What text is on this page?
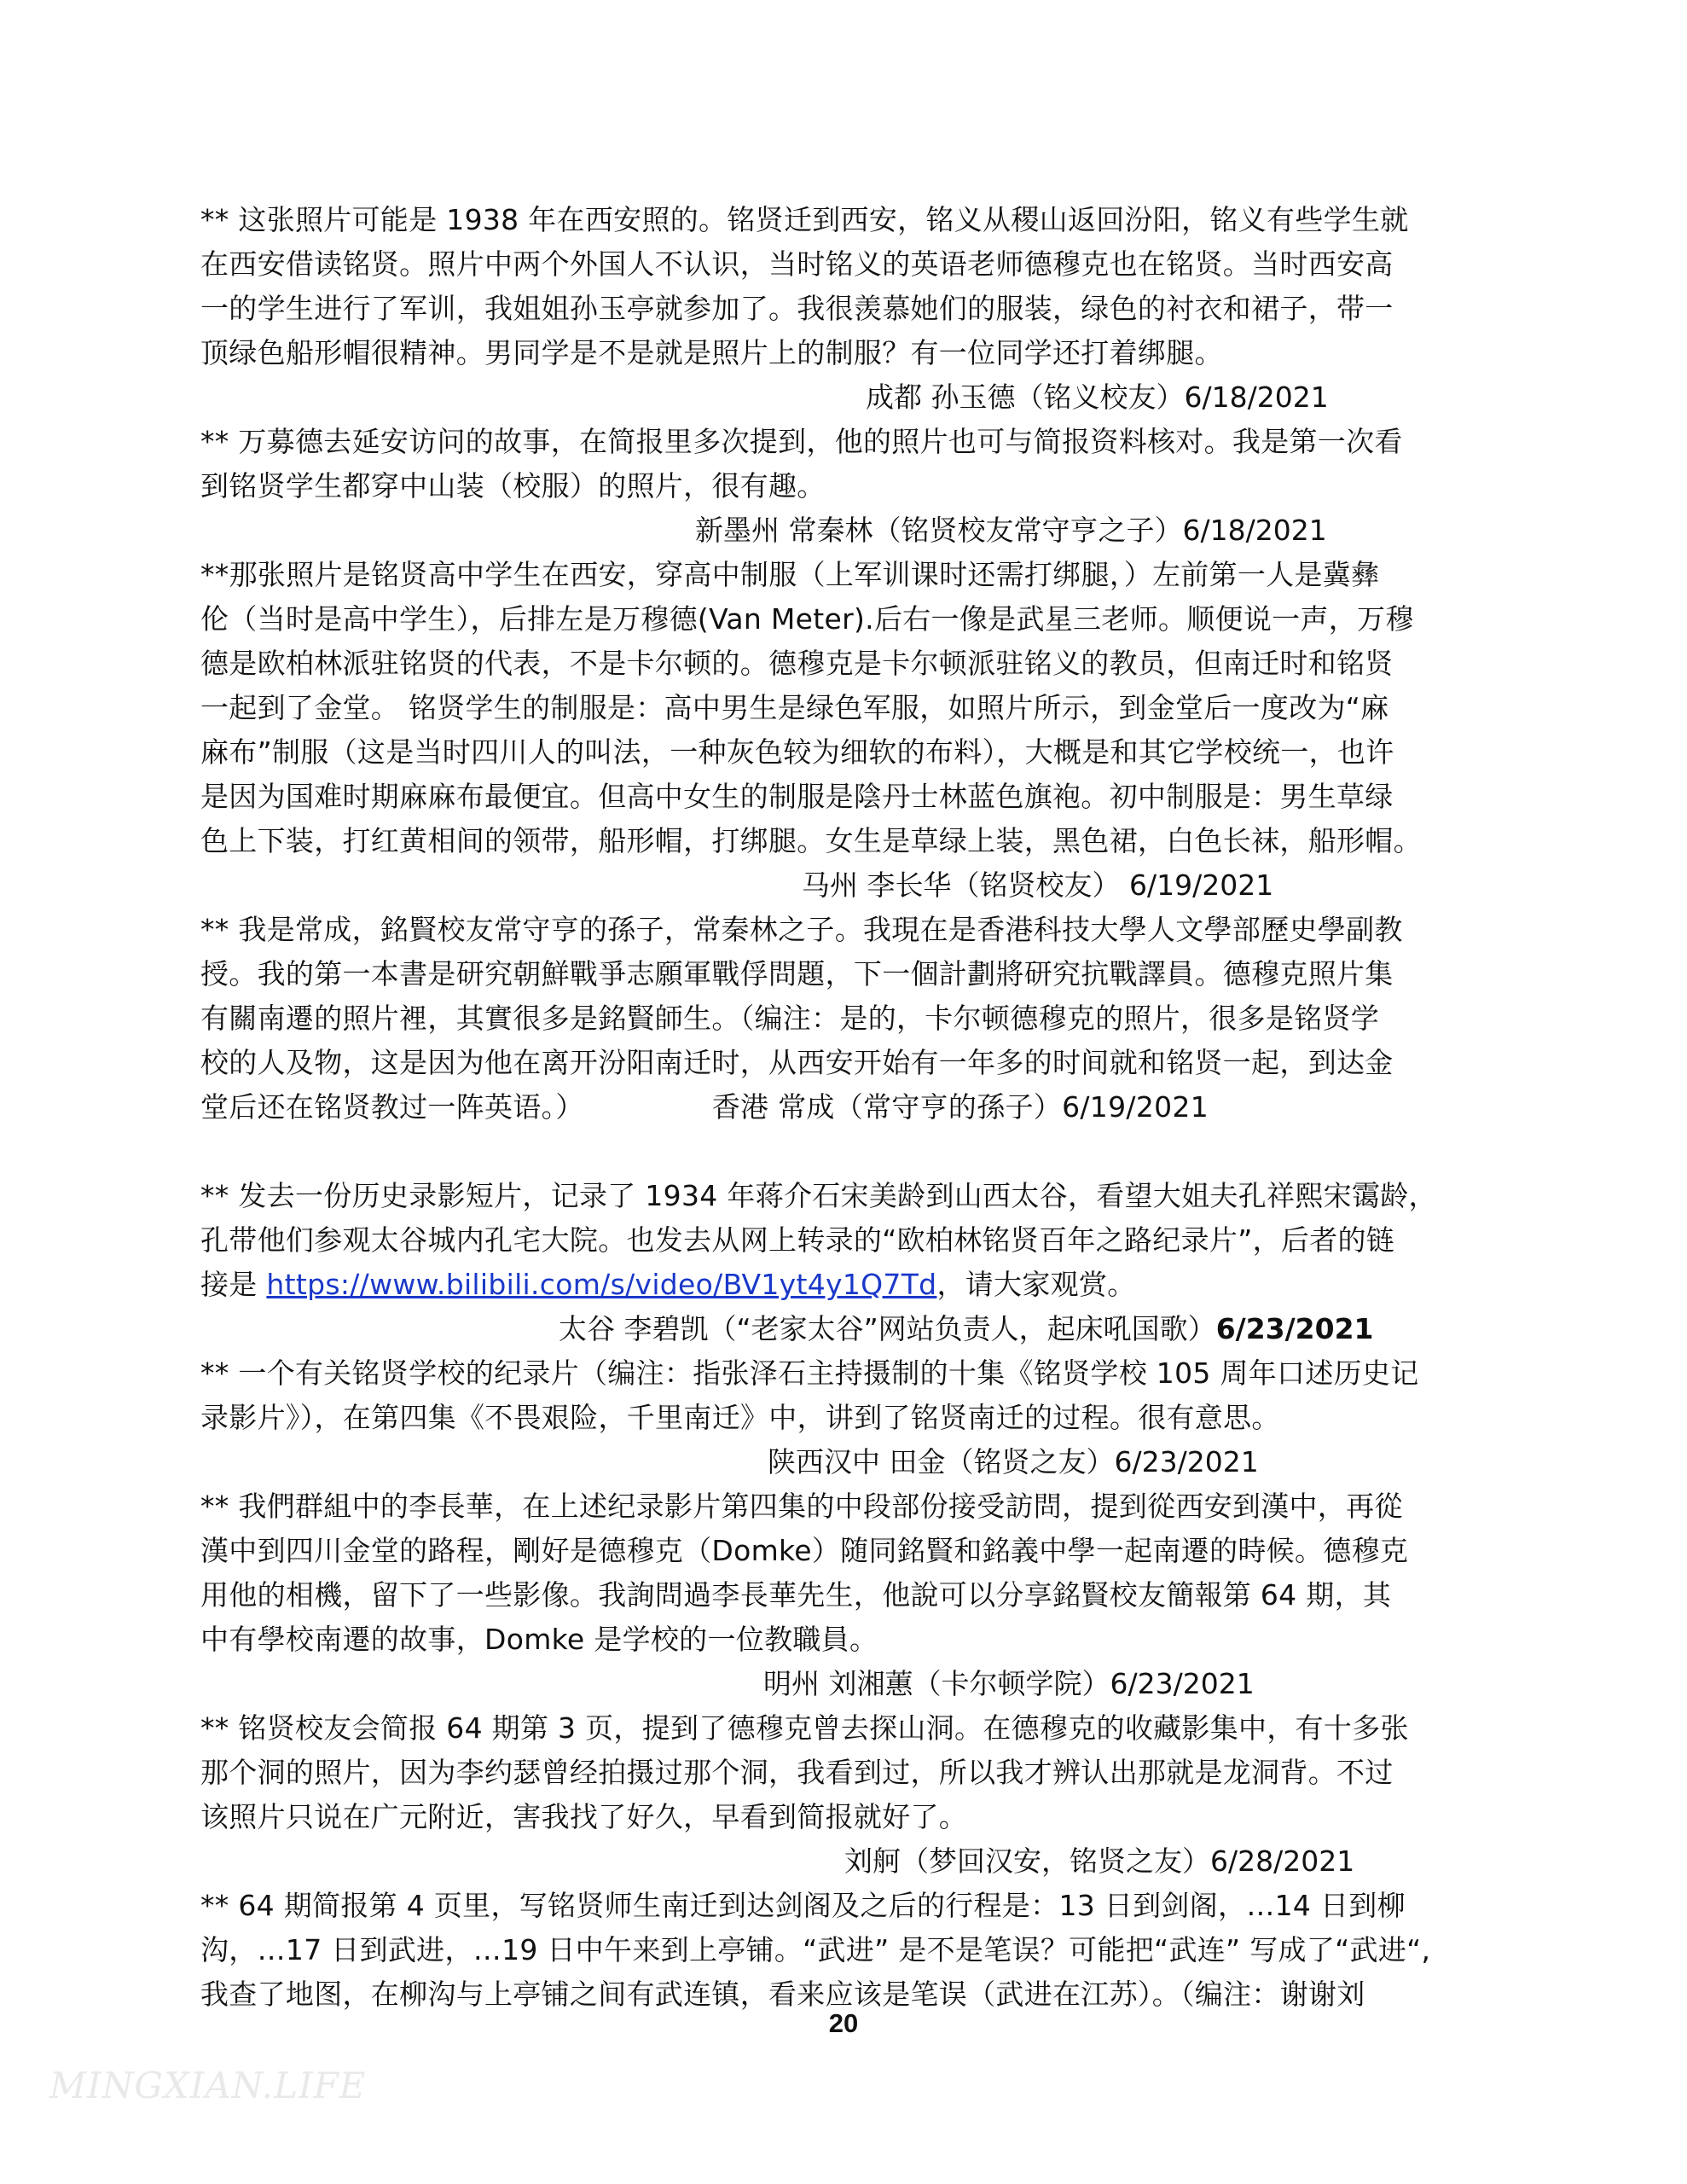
** 这张照片可能是 1938 年在西安照的。铭贤迁到西安，铭义从稷山返回汾阳，铭义有些学生就
在西安借读铭贤。照片中两个外国人不认识，当时铭义的英语老师德穆克也在铭贤。当时西安高
一的学生进行了军训，我姐姐孙玉亭就参加了。我很羡慕她们的服装，绿色的衬衣和裙子，带一
顶绿色船形帽很精神。男同学是不是就是照片上的制服？有一位同学还打着绑腿。
成都 孙玉德（铭义校友）6/18/2021
** 万募德去延安访问的故事，在简报里多次提到，他的照片也可与简报资料核对。我是第一次看
到铭贤学生都穿中山装（校服）的照片，很有趣。
新墨州 常秦林（铭贤校友常守亨之子）6/18/2021
**那张照片是铭贤高中学生在西安，穿高中制服（上军训课时还需打绑腿，）左前第一人是冀彝
伦（当时是高中学生），后排左是万穆德(Van Meter).后右一像是武星三老师。顺便说一声，万穆
德是欧柏林派驻铭贤的代表，不是卡尔顿的。德穆克是卡尔顿派驻铭义的教员，但南迁时和铭贤
一起到了金堂。 铭贤学生的制服是：高中男生是绿色军服，如照片所示，到金堂后一度改为“麻
麻布”制服（这是当时四川人的叫法，一种灰色较为细软的布料），大概是和其它学校统一，也许
是因为国难时期麻麻布最便宜。但高中女生的制服是陰丹士林蓝色旗袍。初中制服是：男生草绿
色上下装，打红黄相间的领带，船形帽，打绑腿。女生是草绿上装，黑色裙，白色长袜，船形帽。
马州 李长华（铭贤校友） 6/19/2021
** 我是常成，銘賢校友常守亨的孫子，常秦林之子。我現在是香港科技大學人文學部歷史學副教
授。我的第一本書是研究朝鮮戰爭志願軍戰俘問題，下一個計劃將研究抗戰譯員。德穆克照片集
有關南遷的照片裡，其實很多是銘賢師生。（编注：是的，卡尔顿德穆克的照片，很多是铭贤学
校的人及物，这是因为他在离开汾阳南迁时，从西安开始有一年多的时间就和铭贤一起，到达金
堂后还在铭贤教过一阵英语。）	香港 常成（常守亨的孫子）6/19/2021
** 发去一份历史录影短片，记录了 1934 年蒋介石宋美龄到山西太谷，看望大姐夫孔祥熙宋霭龄，
孔带他们参观太谷城内孔宅大院。也发去从网上转录的“欧柏林铭贤百年之路纪录片”，后者的链
接是 https://www.bilibili.com/s/video/BV1yt4y1Q7Td，请大家观赏。
太谷 李碧凯（“老家太谷”网站负责人，起床吼国歌）6/23/2021
** 一个有关铭贤学校的纪录片（编注：指张泽石主持摄制的十集《铭贤学校 105 周年口述历史记
录影片》），在第四集《不畏艰险，千里南迁》中，讲到了铭贤南迁的过程。很有意思。
陕西汉中 田金（铭贤之友）6/23/2021
** 我們群組中的李長華，在上述纪录影片第四集的中段部份接受訪問，提到從西安到漢中，再從
漢中到四川金堂的路程，剛好是德穆克（Domke）随同銘賢和銘義中學一起南遷的時候。德穆克
用他的相機，留下了一些影像。我詢問過李長華先生，他說可以分享銘賢校友簡報第 64 期，其
中有學校南遷的故事，Domke 是学校的一位教職員。
明州 刘湘蕙（卡尔顿学院）6/23/2021
** 铭贤校友会简报 64 期第 3 页，提到了德穆克曾去探山洞。在德穆克的收藏影集中，有十多张
那个洞的照片，因为李约瑟曾经拍摄过那个洞，我看到过，所以我才辨认出那就是龙洞背。不过
该照片只说在广元附近，害我找了好久，早看到简报就好了。
刘舸（梦回汉安，铭贤之友）6/28/2021
** 64 期简报第 4 页里，写铭贤师生南迁到达剑阁及之后的行程是：13 日到剑阁，…14 日到柳
沟，…17 日到武进，…19 日中午来到上亭铺。“武进” 是不是笔误？可能把“武连” 写成了“武进“,
我查了地图，在柳沟与上亭铺之间有武连镇，看来应该是笔误（武进在江苏）。（编注：谢谢刘
20
MINGXIAN.LIFE
